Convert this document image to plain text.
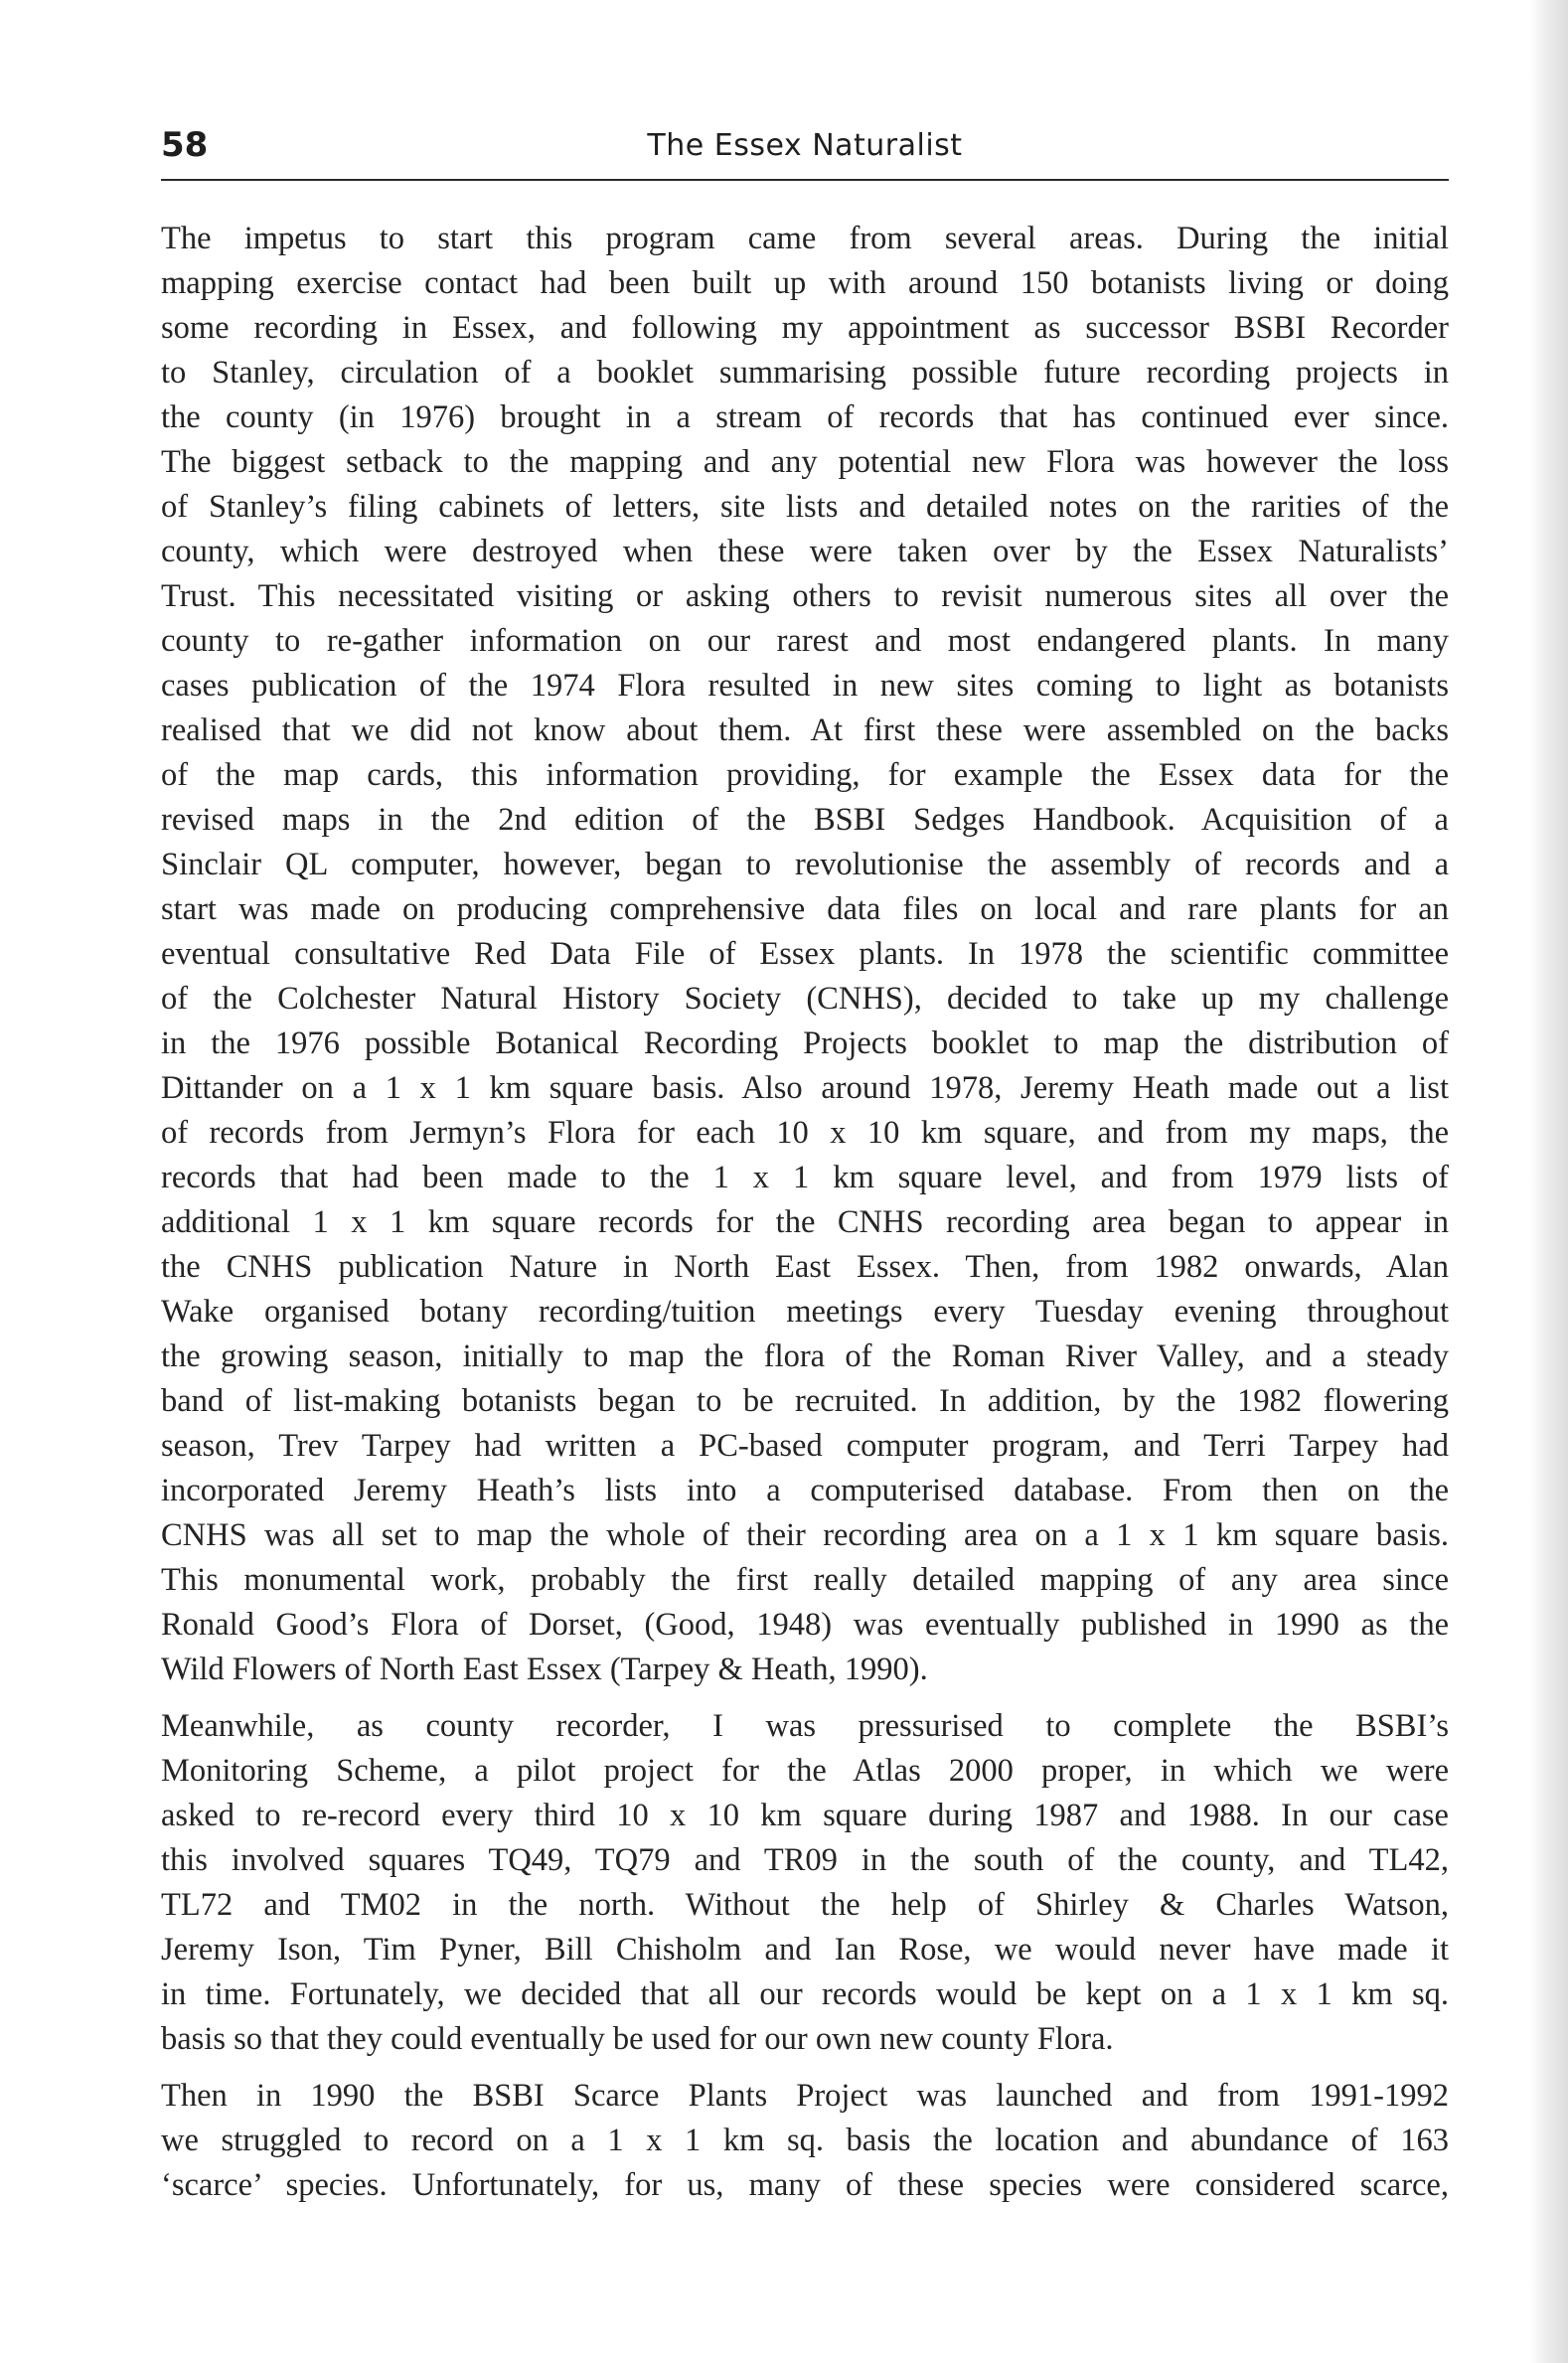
58	The Essex Naturalist

The impetus to start this program came from several areas. During the initial
mapping exercise contact had been built up with around 150 botanists living or doing
some recording in Essex, and following my appointment as successor BSBI Recorder
to Stanley, circulation of a booklet summarising possible future recording projects in
the county (in 1976) brought in a stream of records that has continued ever since.
The biggest setback to the mapping and any potential new Flora was however the loss
of Stanley’s filing cabinets of letters, site lists and detailed notes on the rarities of the
county, which were destroyed when these were taken over by the Essex Naturalists’
Trust. This necessitated visiting or asking others to revisit numerous sites all over the
county to re-gather information on our rarest and most endangered plants. In many
cases publication of the 1974 Flora resulted in new sites coming to light as botanists
realised that we did not know about them. At first these were assembled on the backs
of the map cards, this information providing, for example the Essex data for the
revised maps in the 2nd edition of the BSBI Sedges Handbook. Acquisition of a
Sinclair QL computer, however, began to revolutionise the assembly of records and a
start was made on producing comprehensive data files on local and rare plants for an
eventual consultative Red Data File of Essex plants. In 1978 the scientific committee
of the Colchester Natural History Society (CNHS), decided to take up my challenge
in the 1976 possible Botanical Recording Projects booklet to map the distribution of
Dittander on a 1 x 1 km square basis. Also around 1978, Jeremy Heath made out a list
of records from Jermyn’s Flora for each 10 x 10 km square, and from my maps, the
records that had been made to the 1 x 1 km square level, and from 1979 lists of
additional 1 x 1 km square records for the CNHS recording area began to appear in
the CNHS publication Nature in North East Essex. Then, from 1982 onwards, Alan
Wake organised botany recording/tuition meetings every Tuesday evening throughout
the growing season, initially to map the flora of the Roman River Valley, and a steady
band of list-making botanists began to be recruited. In addition, by the 1982 flowering
season, Trev Tarpey had written a PC-based computer program, and Terri Tarpey had
incorporated Jeremy Heath’s lists into a computerised database. From then on the
CNHS was all set to map the whole of their recording area on a 1 x 1 km square basis.
This monumental work, probably the first really detailed mapping of any area since
Ronald Good’s Flora of Dorset, (Good, 1948) was eventually published in 1990 as the
Wild Flowers of North East Essex (Tarpey & Heath, 1990).

Meanwhile, as county recorder, I was pressurised to complete the BSBI’s
Monitoring Scheme, a pilot project for the Atlas 2000 proper, in which we were
asked to re-record every third 10 x 10 km square during 1987 and 1988. In our case
this involved squares TQ49, TQ79 and TR09 in the south of the county, and TL42,
TL72 and TM02 in the north. Without the help of Shirley & Charles Watson,
Jeremy Ison, Tim Pyner, Bill Chisholm and Ian Rose, we would never have made it
in time. Fortunately, we decided that all our records would be kept on a 1 x 1 km sq.
basis so that they could eventually be used for our own new county Flora.

Then in 1990 the BSBI Scarce Plants Project was launched and from 1991-1992
we struggled to record on a 1 x 1 km sq. basis the location and abundance of 163
‘scarce’ species. Unfortunately, for us, many of these species were considered scarce,
